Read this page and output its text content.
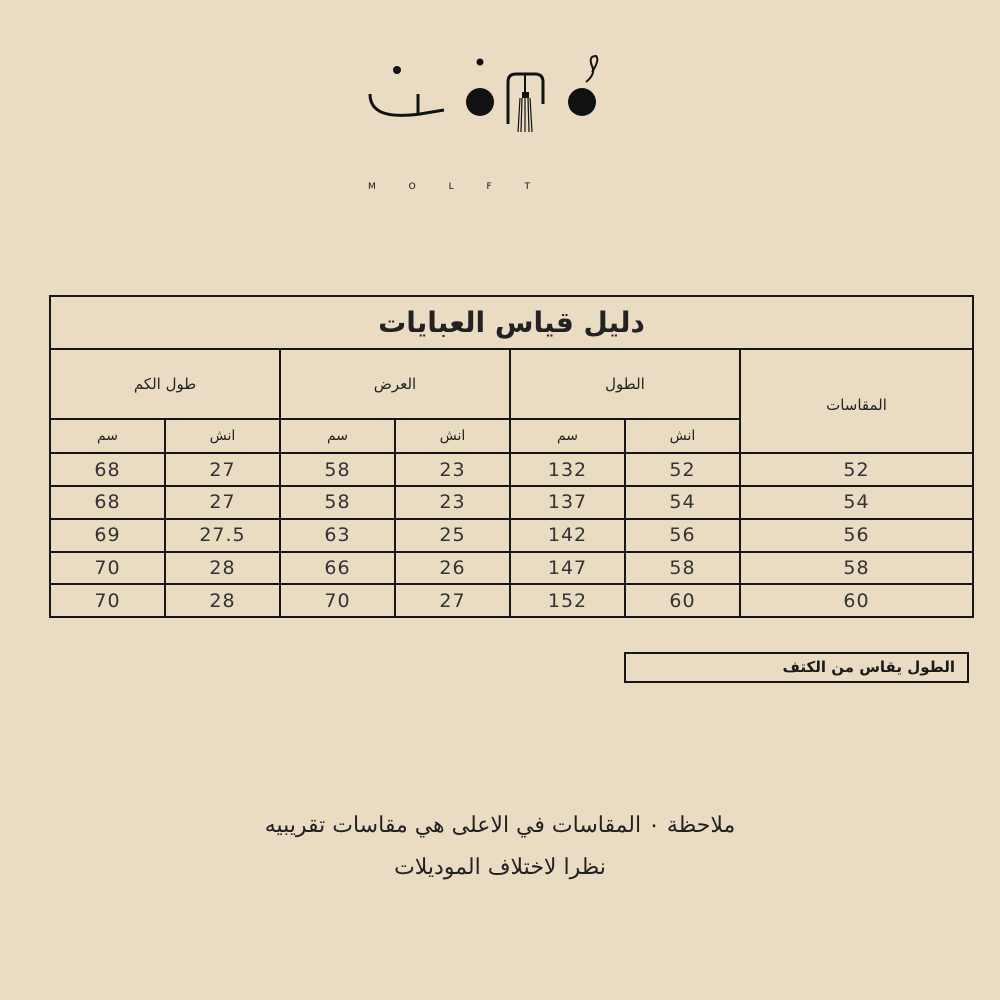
M O L F T
دليل قياس العبايات						
طول الكم		العرض		الطول		المقاسات
سم	انش	سم	انش	سم	انش	
68	27	58	23	132	52	52
68	27	58	23	137	54	54
69	27.5	63	25	142	56	56
70	28	66	26	147	58	58
70	28	70	27	152	60	60
الطول يقاس من الكتف
ملاحظة ٠ المقاسات في الاعلى هي مقاسات تقريبيه
نظرا لاختلاف الموديلات
